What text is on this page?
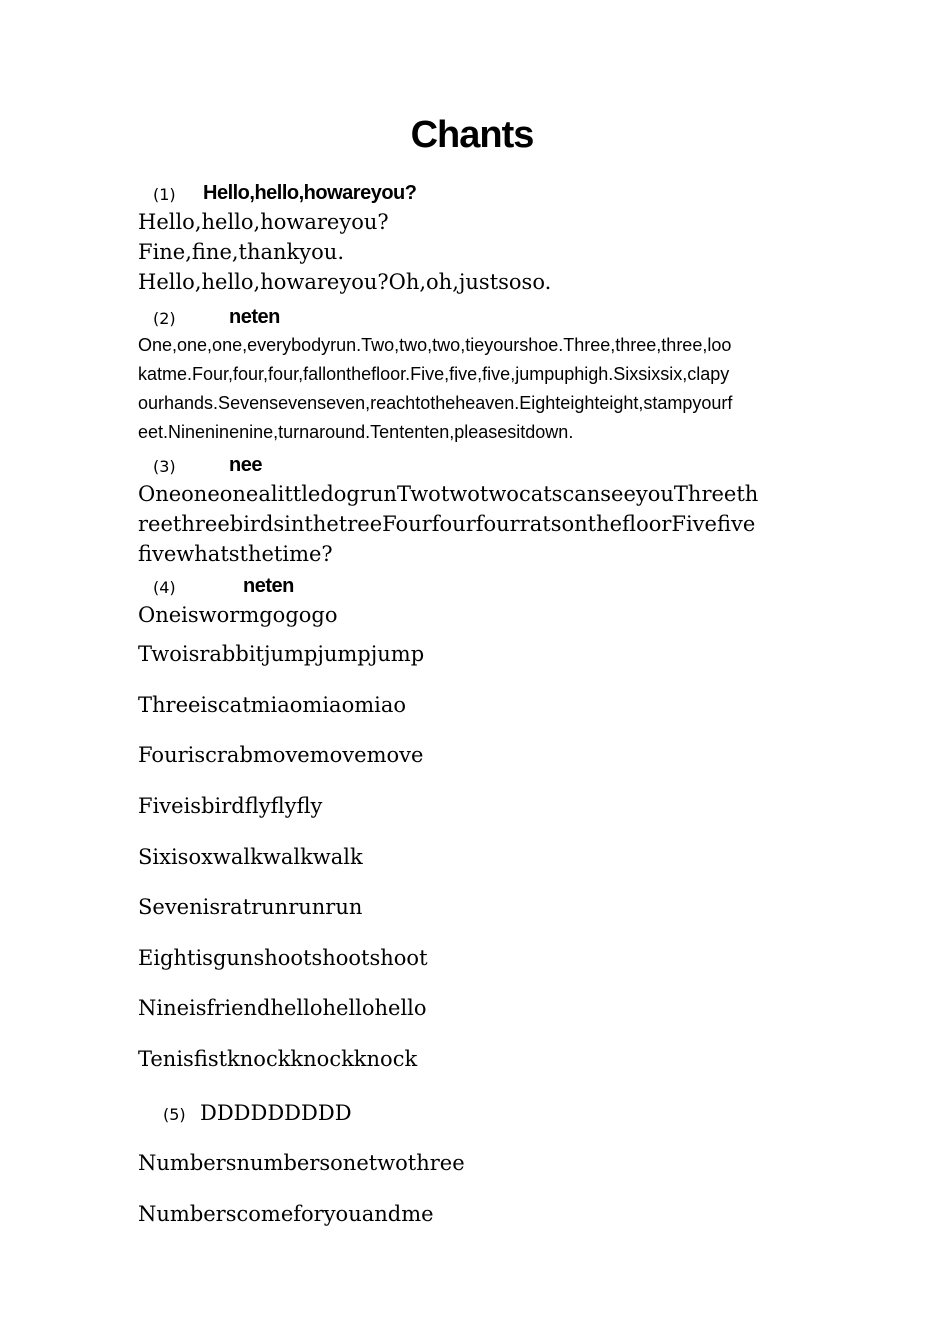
Chants
(1) Hello,hello,howareyou?
Hello,hello,howareyou?
Fine,fine,thankyou.
Hello,hello,howareyou?Oh,oh,justsoso.
(2)	neten
One,one,one,everybodyrun.Two,two,two,tieyourshoe.Three,three,three,loo
katme.Four,four,four,fallonthefloor.Five,five,five,jumpuphigh.Sixsixsix,clapy
ourhands.Sevensevenseven,reachtotheheaven.Eighteighteight,stampyourf
eet.Nineninenine,turnaround.Tententen,pleasesitdown.
(3)	nee
OneoneonealittledogrunTwotwotwocatscanseeyouThreeth
reethreebirdsinthetreeFourfourfourratsonthefloorFivefive
fivewhatsthetime?
(4)	neten
Oneiswormgogogo
Twoisrabbitjumpjumpjump
Threeiscatmiaomiaomiao
Fouriscrabmovemovemove
Fiveisbirdflyflyfly
Sixisoxwalkwalkwalk
Sevenisratrunrunrun
Eightisgunshootshootshoot
Nineisfriendhellohellohello
Tenisfistknockknockknock
(5) DDDDDDDDD
Numbersnumbersonetwothree
Numberscomeforyouandme
